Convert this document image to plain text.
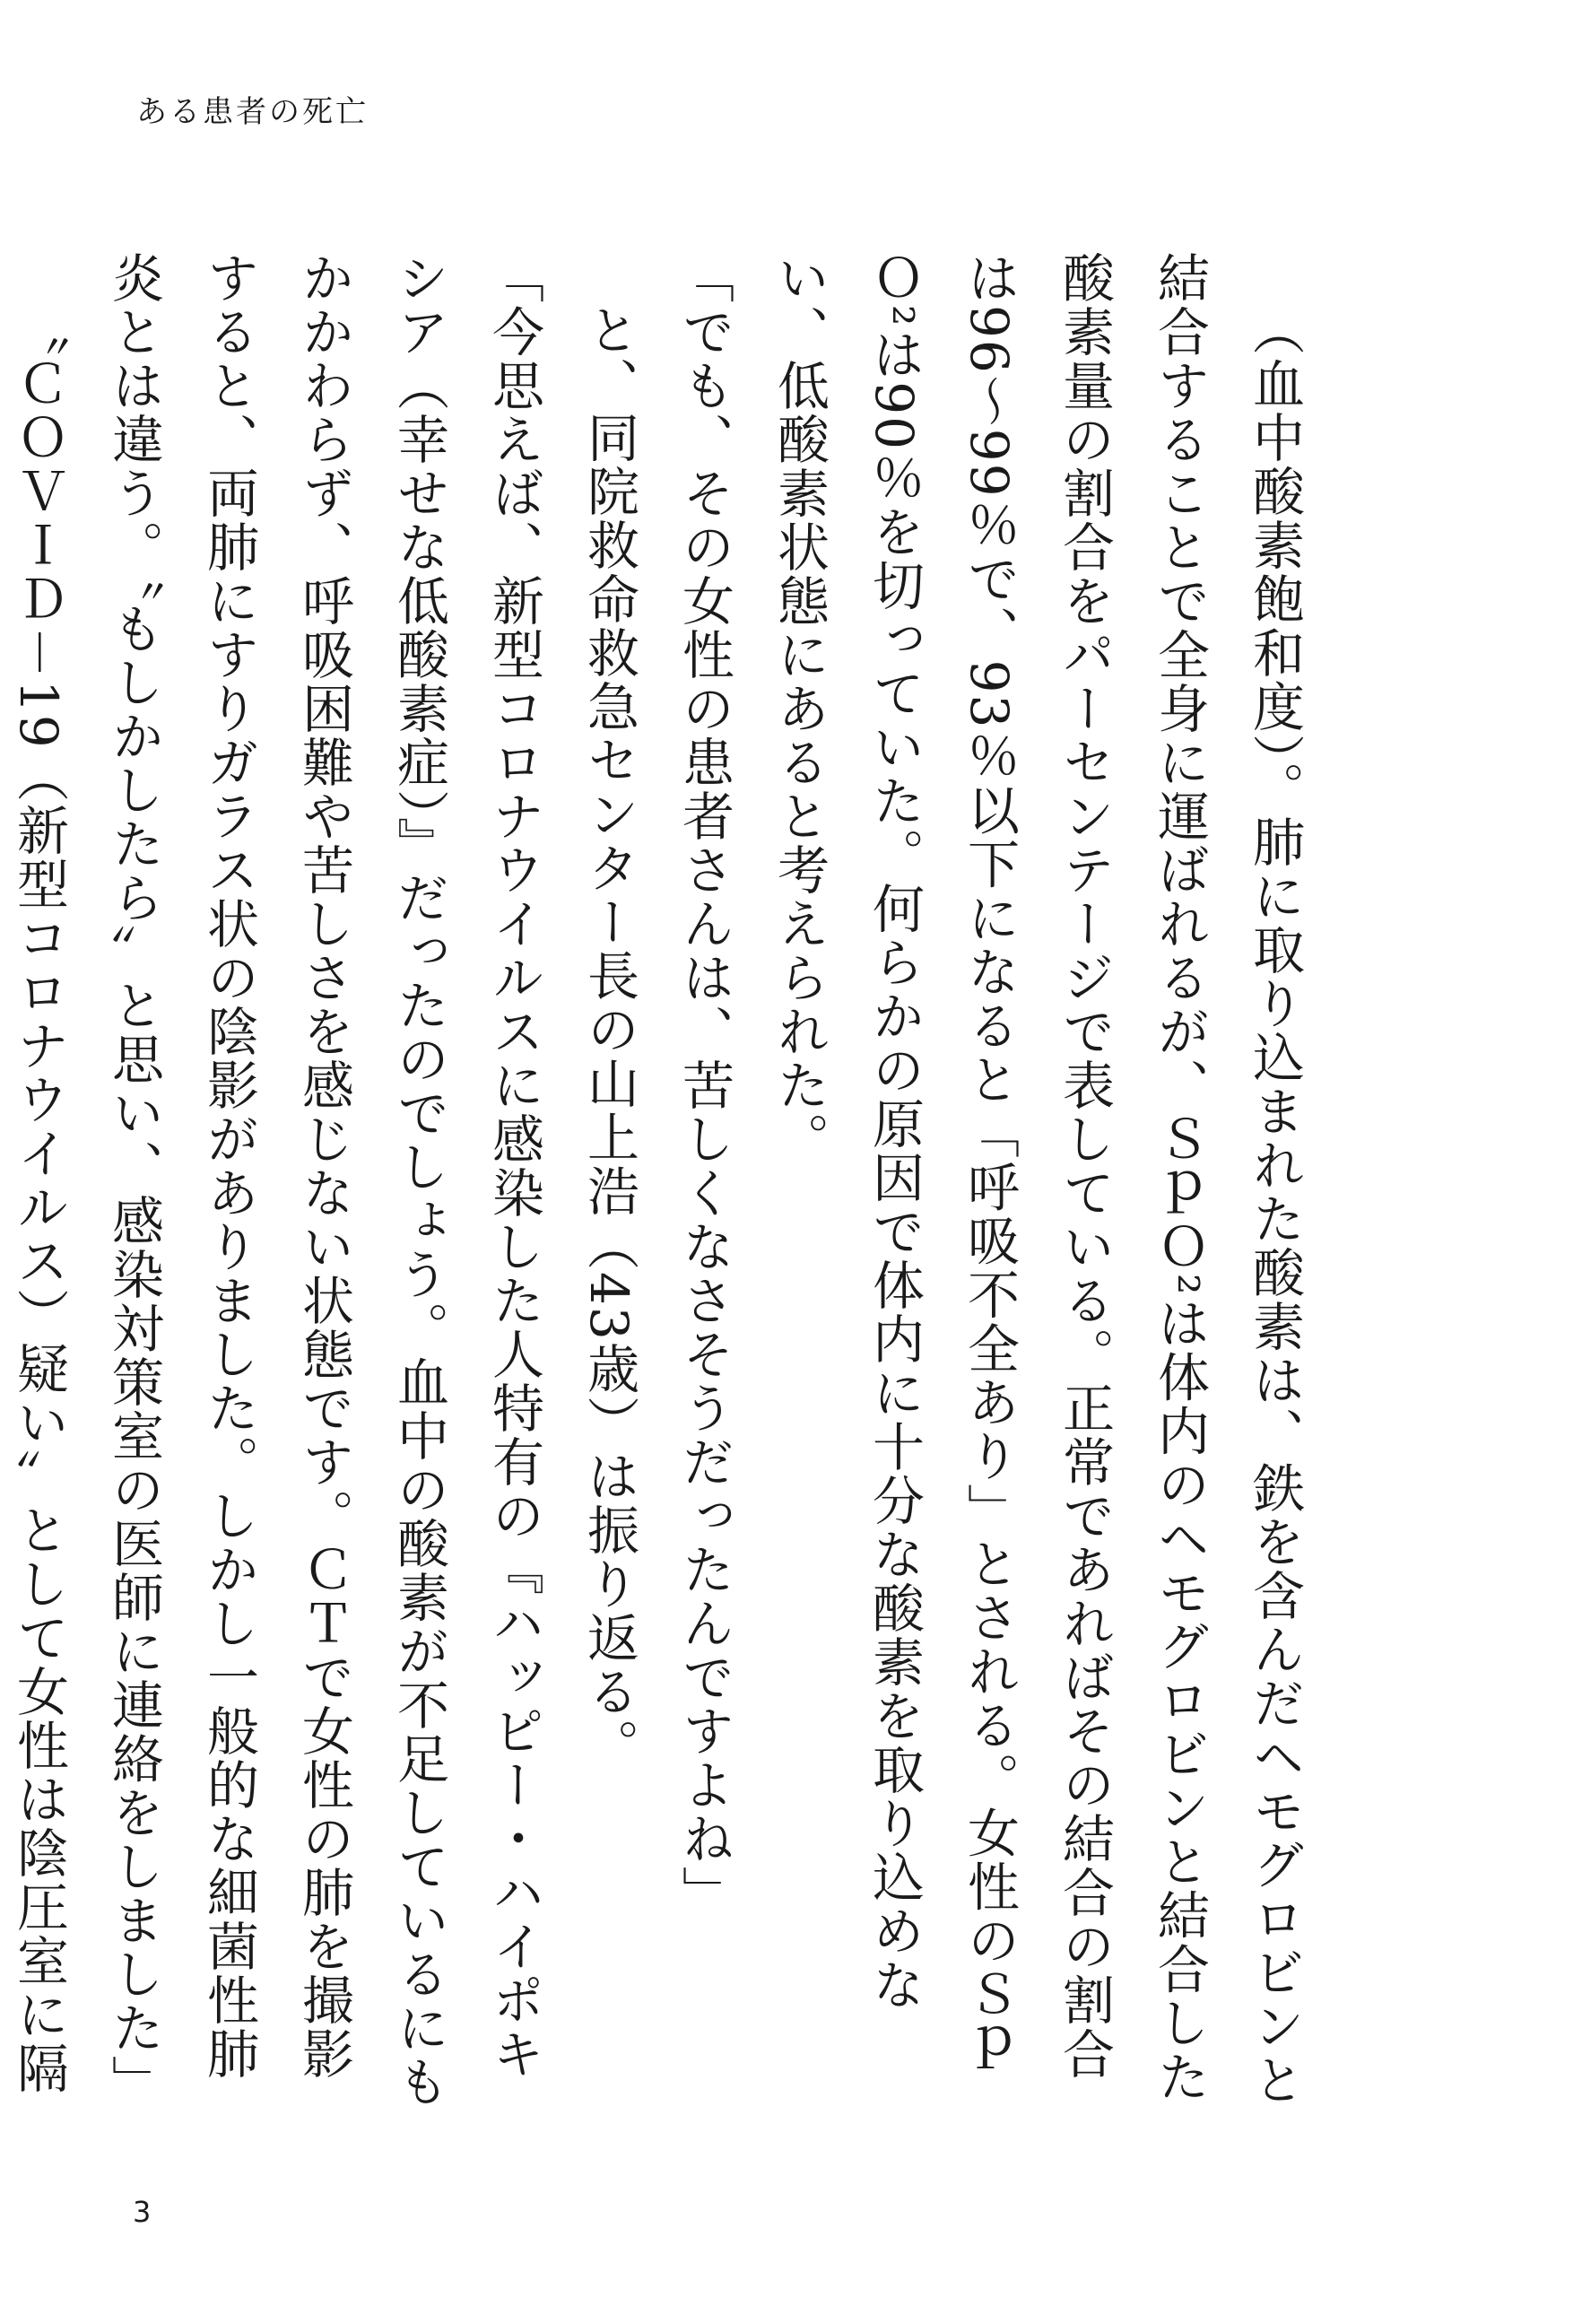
ある患者の死亡

（血中酸素飽和度）。肺に取り込まれた酸素は、鉄を含んだヘモグロビンと結合することで全身に運ばれるが、ＳｐＯ²は体内のヘモグロビンと結合した酸素量の割合をパーセンテージで表している。正常であればその結合の割合は96〜99％で、93％以下になると「呼吸不全あり」とされる。女性のＳｐＯ²は90％を切っていた。何らかの原因で体内に十分な酸素を取り込めない、低酸素状態にあると考えられた。

「でも、その女性の患者さんは、苦しくなさそうだったんですよね」

と、同院救命救急センター長の山上浩（43歳）は振り返る。

「今思えば、新型コロナウイルスに感染した人特有の『ハッピー・ハイポキシア（幸せな低酸素症）』だったのでしょう。血中の酸素が不足しているにもかかわらず、呼吸困難や苦しさを感じない状態です。ＣＴで女性の肺を撮影すると、両肺にすりガラス状の陰影がありました。しかし一般的な細菌性肺炎とは違う。〝もしかしたら〟と思い、感染対策室の医師に連絡をしました」

〝ＣＯＶＩＤ－19（新型コロナウイルス）疑い〟として女性は陰圧室に隔

3
